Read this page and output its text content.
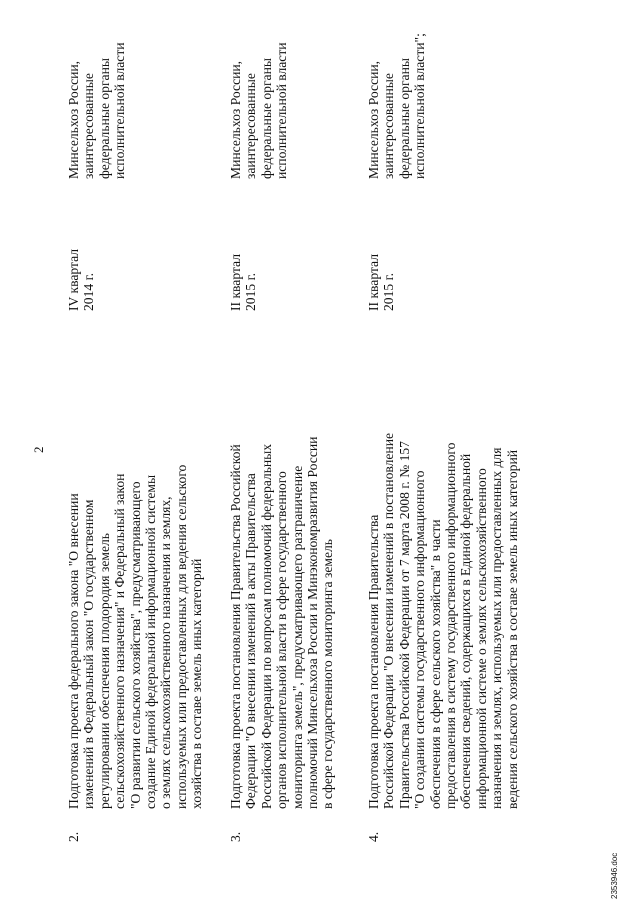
2
2.
Подготовка проекта федерального закона "О внесении изменений в Федеральный закон "О государственном регулировании обеспечения плодородия земель сельскохозяйственного назначения" и Федеральный закон "О развитии сельского хозяйства", предусматривающего создание Единой федеральной информационной системы о землях сельскохозяйственного назначения и землях, используемых или предоставленных для ведения сельского хозяйства в составе земель иных категорий
IV квартал 2014 г.
Минсельхоз России, заинтересованные федеральные органы исполнительной власти
3.
Подготовка проекта постановления Правительства Российской Федерации "О внесении изменений в акты Правительства Российской Федерации по вопросам полномочий федеральных органов исполнительной власти в сфере государственного мониторинга земель", предусматривающего разграничение полномочий Минсельхоза России и Минэкономразвития России в сфере государственного мониторинга земель
II квартал 2015 г.
Минсельхоз России, заинтересованные федеральные органы исполнительной власти
4.
Подготовка проекта постановления Правительства Российской Федерации "О внесении изменений в постановление Правительства Российской Федерации от 7 марта 2008 г. № 157 "О создании системы государственного информационного обеспечения в сфере сельского хозяйства" в части предоставления в систему государственного информационного обеспечения сведений, содержащихся в Единой федеральной информационной системе о землях сельскохозяйственного назначения и землях, используемых или предоставленных для ведения сельского хозяйства в составе земель иных категорий
II квартал 2015 г.
Минсельхоз России, заинтересованные федеральные органы исполнительной власти";
2353946.doc
